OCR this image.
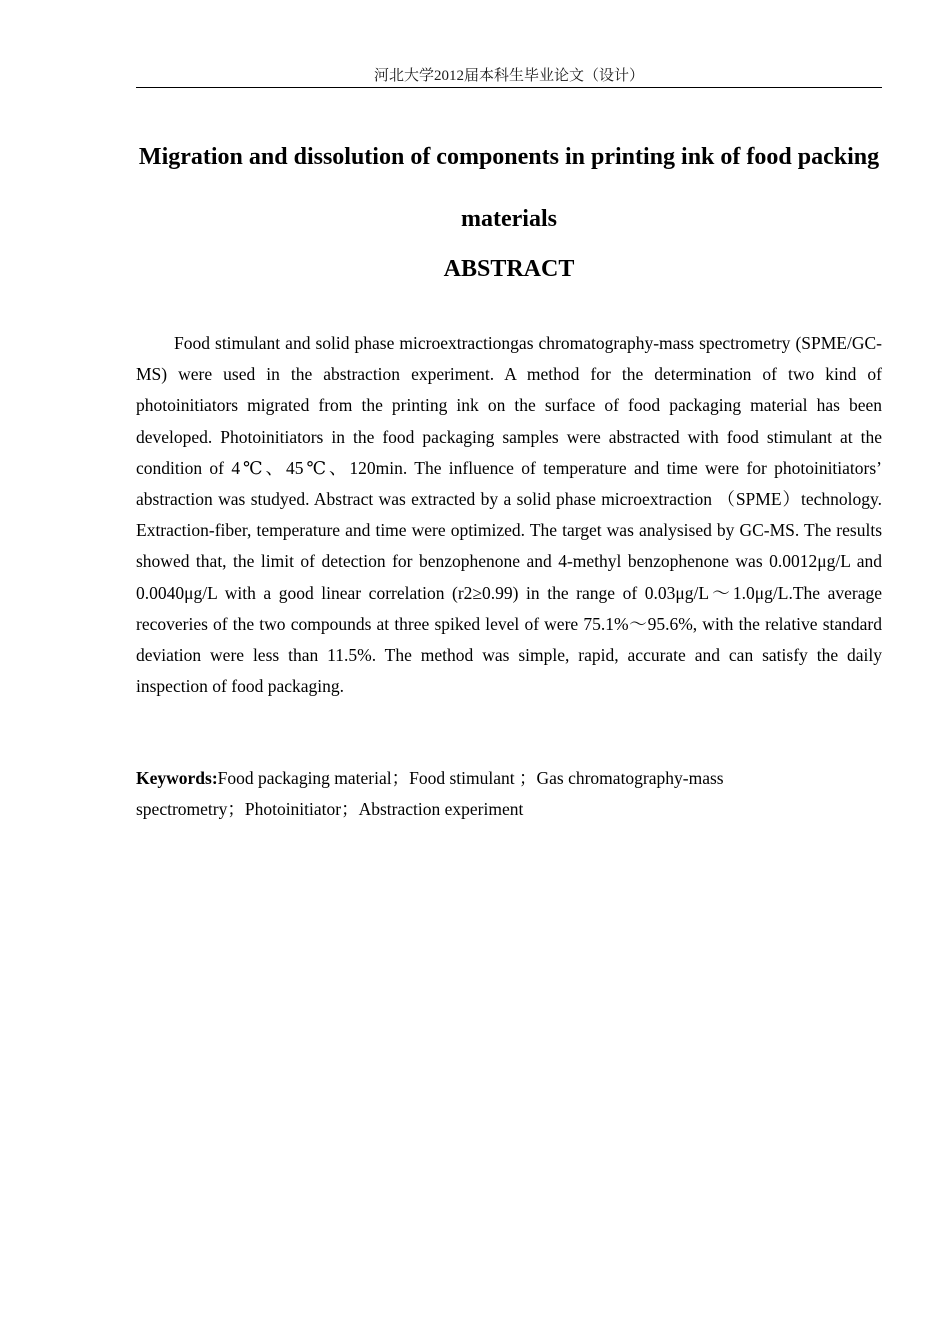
河北大学2012届本科生毕业论文（设计）
Migration and dissolution of components in printing ink of food packing materials
ABSTRACT

Food stimulant and solid phase microextractiongas chromatography-mass spectrometry (SPME/GC-MS) were used in the abstraction experiment. A method for the determination of two kind of photoinitiators migrated from the printing ink on the surface of food packaging material has been developed. Photoinitiators in the food packaging samples were abstracted with food stimulant at the condition of 4℃、45℃、120min. The influence of temperature and time were for photoinitiators’ abstraction was studyed. Abstract was extracted by a solid phase microextraction （SPME）technology. Extraction-fiber, temperature and time were optimized. The target was analysised by GC-MS. The results showed that, the limit of detection for benzophenone and 4-methyl benzophenone was 0.0012μg/L and 0.0040μg/L with a good linear correlation (r2≥0.99) in the range of 0.03μg/L～1.0μg/L.The average recoveries of the two compounds at three spiked level of were 75.1%～95.6%, with the relative standard deviation were less than 11.5%. The method was simple, rapid, accurate and can satisfy the daily inspection of food packaging.

Keywords:Food packaging material；Food stimulant ；Gas chromatography-mass spectrometry；Photoinitiator；Abstraction experiment
